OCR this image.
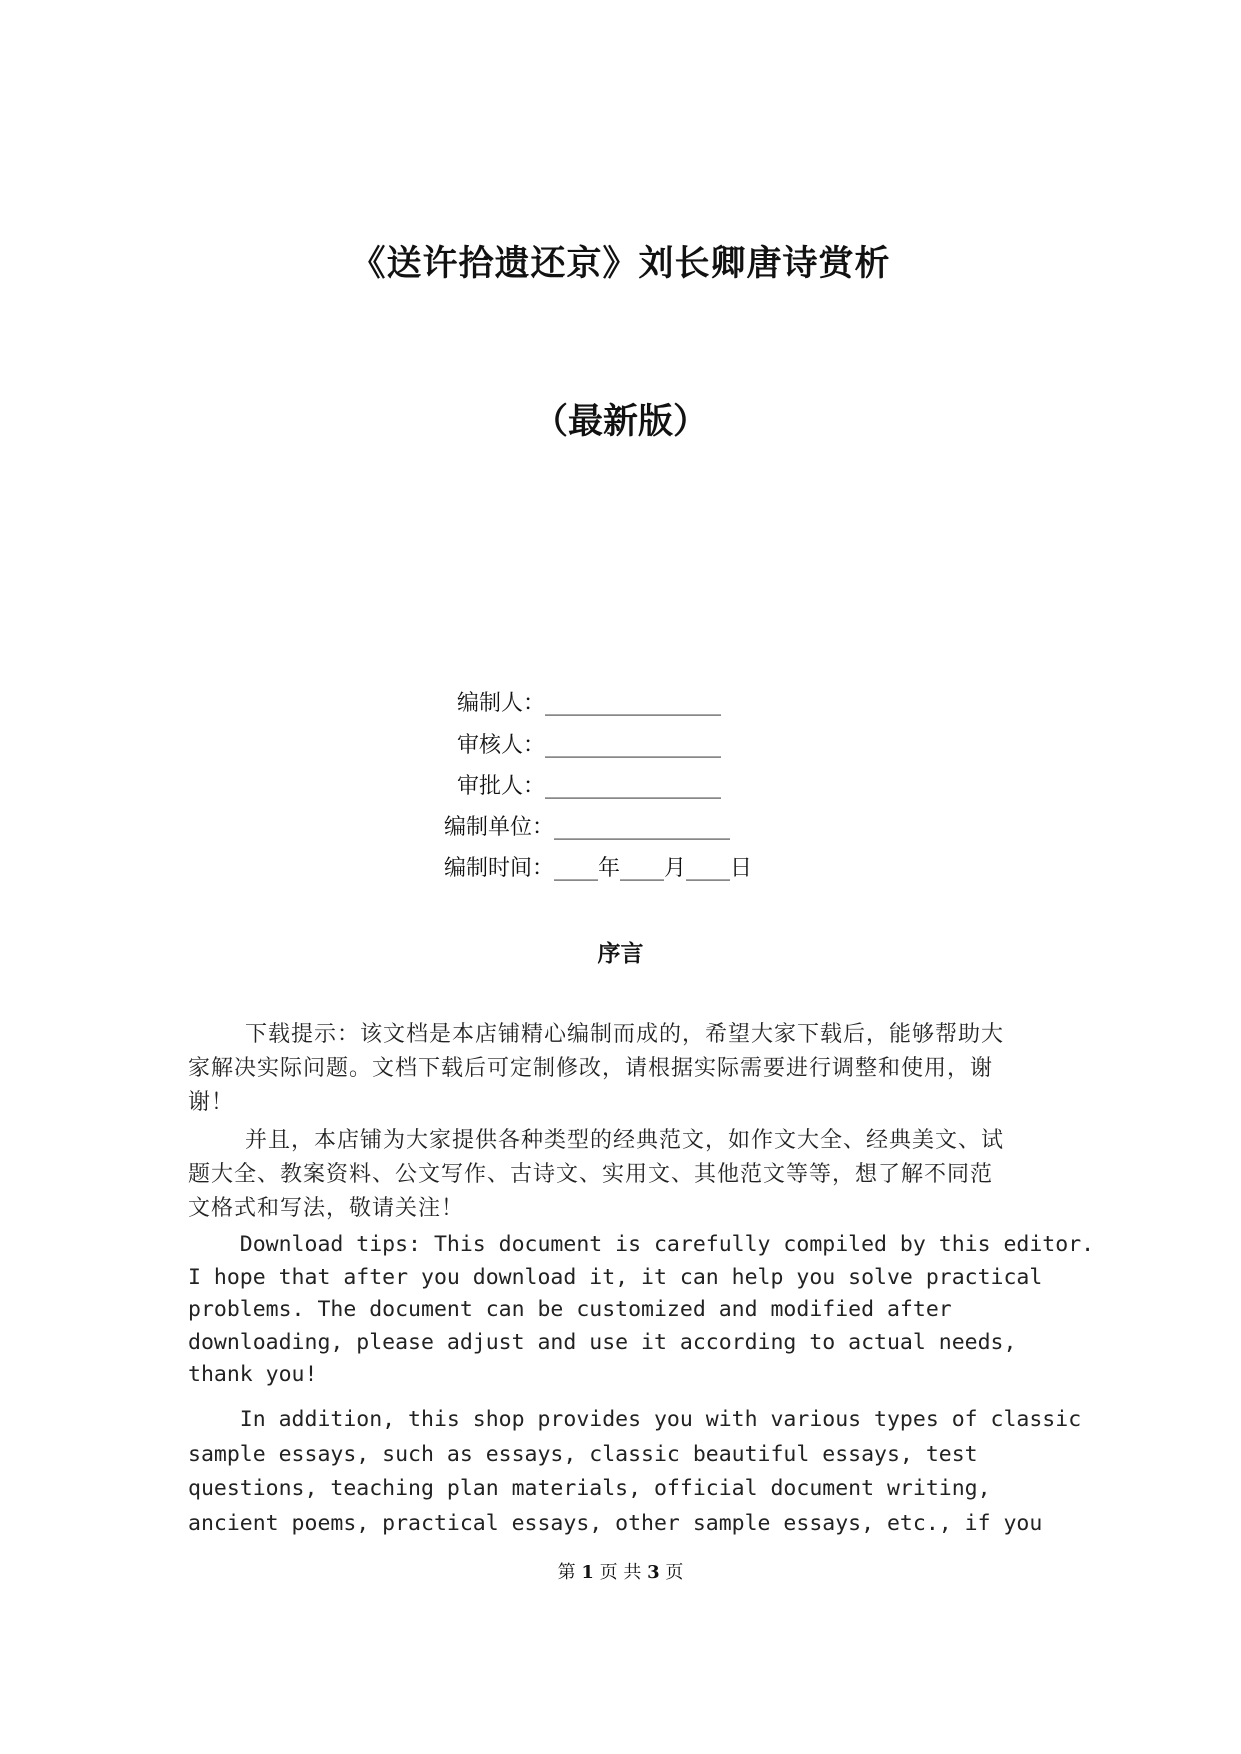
《送许拾遗还京》刘长卿唐诗赏析
（最新版）
编制人：________________
审核人：________________
审批人：________________
编制单位：________________
编制时间：____年____月____日
序言
下载提示：该文档是本店铺精心编制而成的，希望大家下载后，能够帮助大
家解决实际问题。文档下载后可定制修改，请根据实际需要进行调整和使用，谢
谢！
并且，本店铺为大家提供各种类型的经典范文，如作文大全、经典美文、试
题大全、教案资料、公文写作、古诗文、实用文、其他范文等等，想了解不同范
文格式和写法，敬请关注！
Download tips: This document is carefully compiled by this editor.
I hope that after you download it, it can help you solve practical
problems. The document can be customized and modified after
downloading, please adjust and use it according to actual needs,
thank you!
In addition, this shop provides you with various types of classic
sample essays, such as essays, classic beautiful essays, test
questions, teaching plan materials, official document writing,
ancient poems, practical essays, other sample essays, etc., if you
第 1 页 共 3 页
